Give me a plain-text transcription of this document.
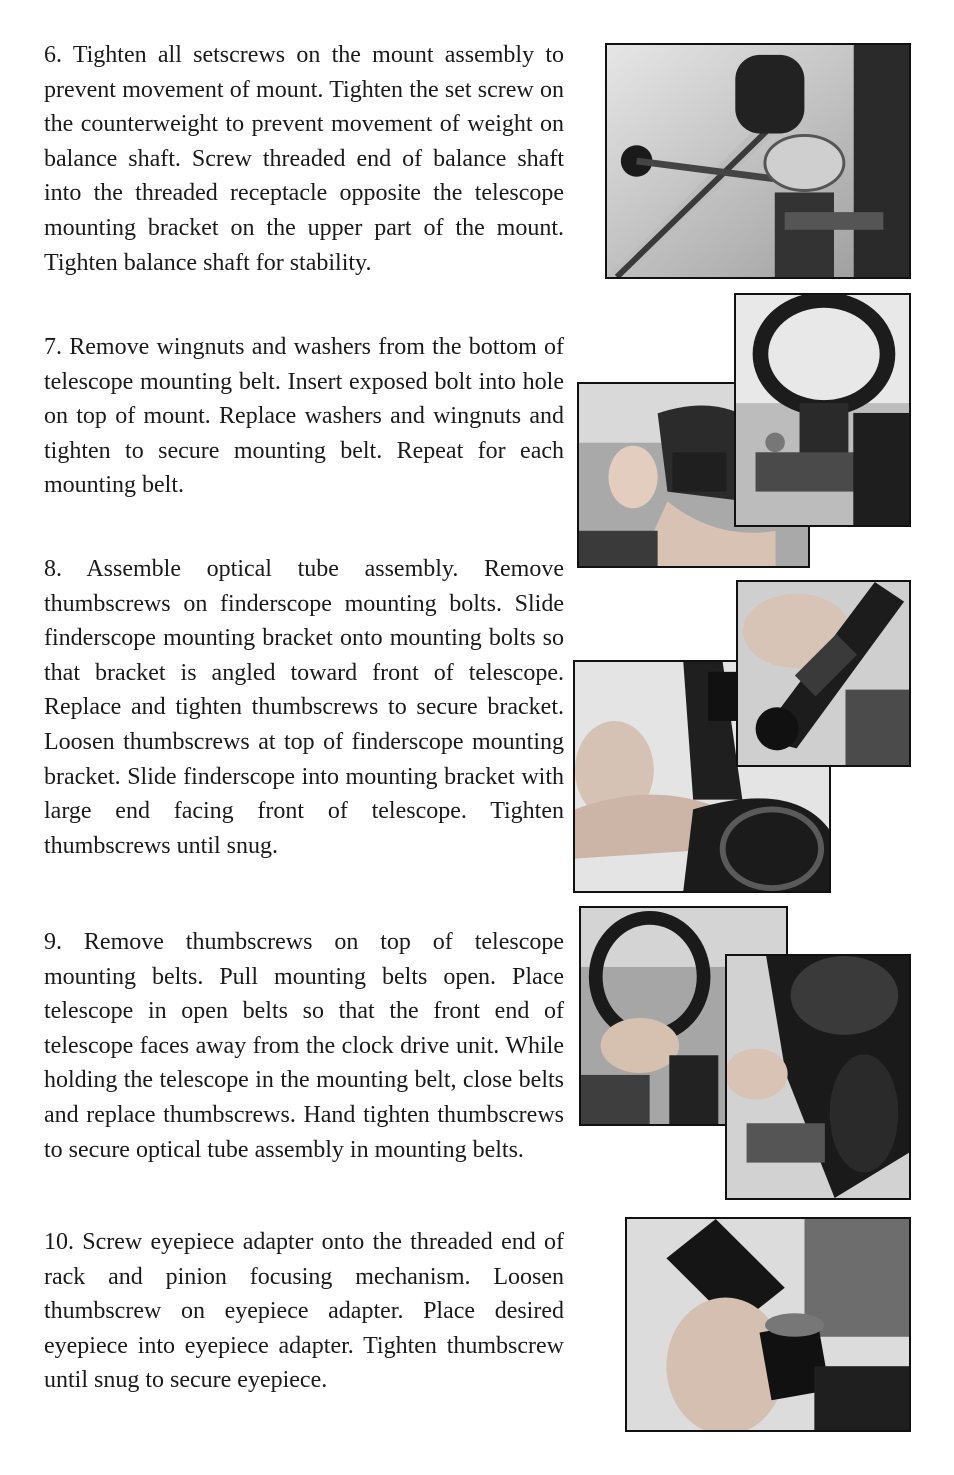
6. Tighten all setscrews on the mount assembly to prevent movement of mount. Tighten the set screw on the counterweight to prevent movement of weight on balance shaft. Screw threaded end of balance shaft into the threaded receptacle opposite the telescope mounting bracket on the upper part of the mount. Tighten balance shaft for stability.

7. Remove wingnuts and washers from the bottom of telescope mounting belt. Insert exposed bolt into hole on top of mount. Replace washers and wingnuts and tighten to secure mounting belt. Repeat for each mounting belt.

8. Assemble optical tube assembly. Remove thumbscrews on finderscope mounting bolts. Slide finderscope mounting bracket onto mounting bolts so that bracket is angled toward front of telescope. Replace and tighten thumbscrews to secure bracket. Loosen thumbscrews at top of finderscope mounting bracket. Slide finderscope into mounting bracket with large end facing front of telescope. Tighten thumbscrews until snug.

9. Remove thumbscrews on top of telescope mounting belts. Pull mounting belts open. Place telescope in open belts so that the front end of telescope faces away from the clock drive unit. While holding the telescope in the mounting belt, close belts and replace thumbscrews. Hand tighten thumbscrews to secure optical tube assembly in mounting belts.

10. Screw eyepiece adapter onto the threaded end of rack and pinion focusing mechanism. Loosen thumbscrew on eyepiece adapter. Place desired eyepiece into eyepiece adapter. Tighten thumbscrew until snug to secure eyepiece.
